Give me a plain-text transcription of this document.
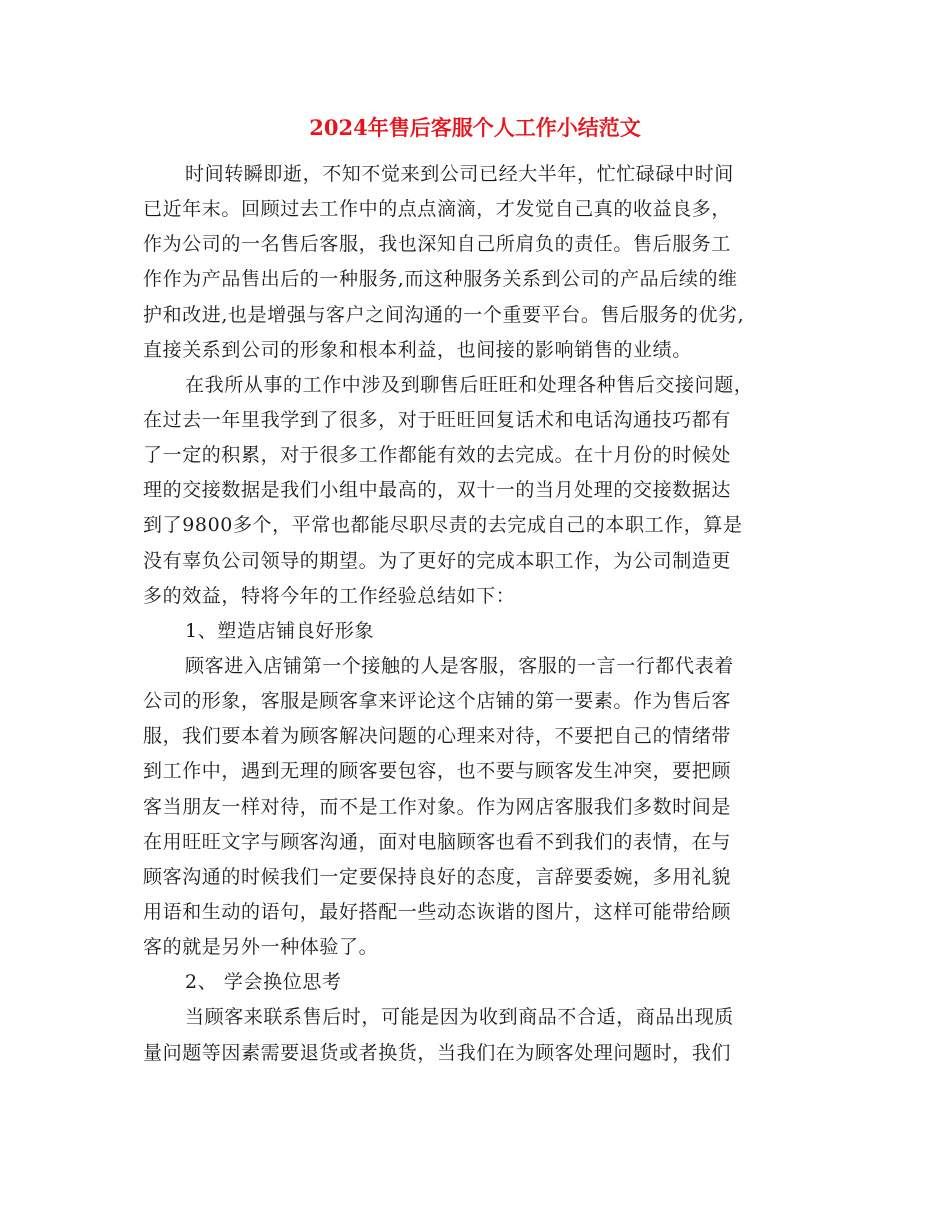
2024年售后客服个人工作小结范文
时间转瞬即逝，不知不觉来到公司已经大半年，忙忙碌碌中时间
已近年末。回顾过去工作中的点点滴滴，才发觉自己真的收益良多，
作为公司的一名售后客服，我也深知自己所肩负的责任。售后服务工
作作为产品售出后的一种服务,而这种服务关系到公司的产品后续的维
护和改进,也是增强与客户之间沟通的一个重要平台。售后服务的优劣,
直接关系到公司的形象和根本利益，也间接的影响销售的业绩。
在我所从事的工作中涉及到聊售后旺旺和处理各种售后交接问题，
在过去一年里我学到了很多，对于旺旺回复话术和电话沟通技巧都有
了一定的积累，对于很多工作都能有效的去完成。在十月份的时候处
理的交接数据是我们小组中最高的，双十一的当月处理的交接数据达
到了9800多个，平常也都能尽职尽责的去完成自己的本职工作，算是
没有辜负公司领导的期望。为了更好的完成本职工作，为公司制造更
多的效益，特将今年的工作经验总结如下：
1、塑造店铺良好形象
顾客进入店铺第一个接触的人是客服，客服的一言一行都代表着
公司的形象，客服是顾客拿来评论这个店铺的第一要素。作为售后客
服，我们要本着为顾客解决问题的心理来对待，不要把自己的情绪带
到工作中，遇到无理的顾客要包容，也不要与顾客发生冲突，要把顾
客当朋友一样对待，而不是工作对象。作为网店客服我们多数时间是
在用旺旺文字与顾客沟通，面对电脑顾客也看不到我们的表情，在与
顾客沟通的时候我们一定要保持良好的态度，言辞要委婉，多用礼貌
用语和生动的语句，最好搭配一些动态诙谐的图片，这样可能带给顾
客的就是另外一种体验了。
2、 学会换位思考
当顾客来联系售后时，可能是因为收到商品不合适，商品出现质
量问题等因素需要退货或者换货，当我们在为顾客处理问题时，我们
